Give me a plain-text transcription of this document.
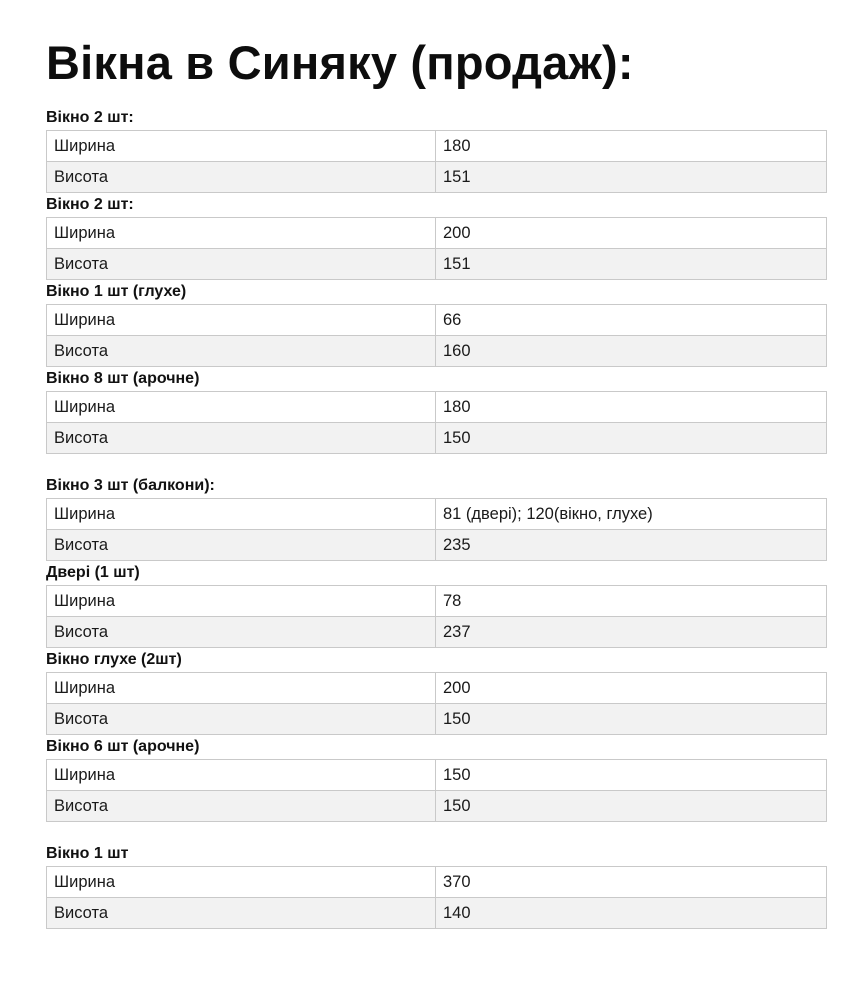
Вікна в Синяку (продаж):
Вікно 2 шт:
Ширина	180
Висота	151
Вікно 2 шт:
Ширина	200
Висота	151
Вікно 1 шт (глухе)
Ширина	66
Висота	160
Вікно 8 шт (арочне)
Ширина	180
Висота	150
Вікно 3 шт (балкони):
Ширина	81 (двері); 120(вікно, глухе)
Висота	235
Двері (1 шт)
Ширина	78
Висота	237
Вікно глухе (2шт)
Ширина	200
Висота	150
Вікно 6 шт (арочне)
Ширина	150
Висота	150
Вікно 1 шт
Ширина	370
Висота	140
